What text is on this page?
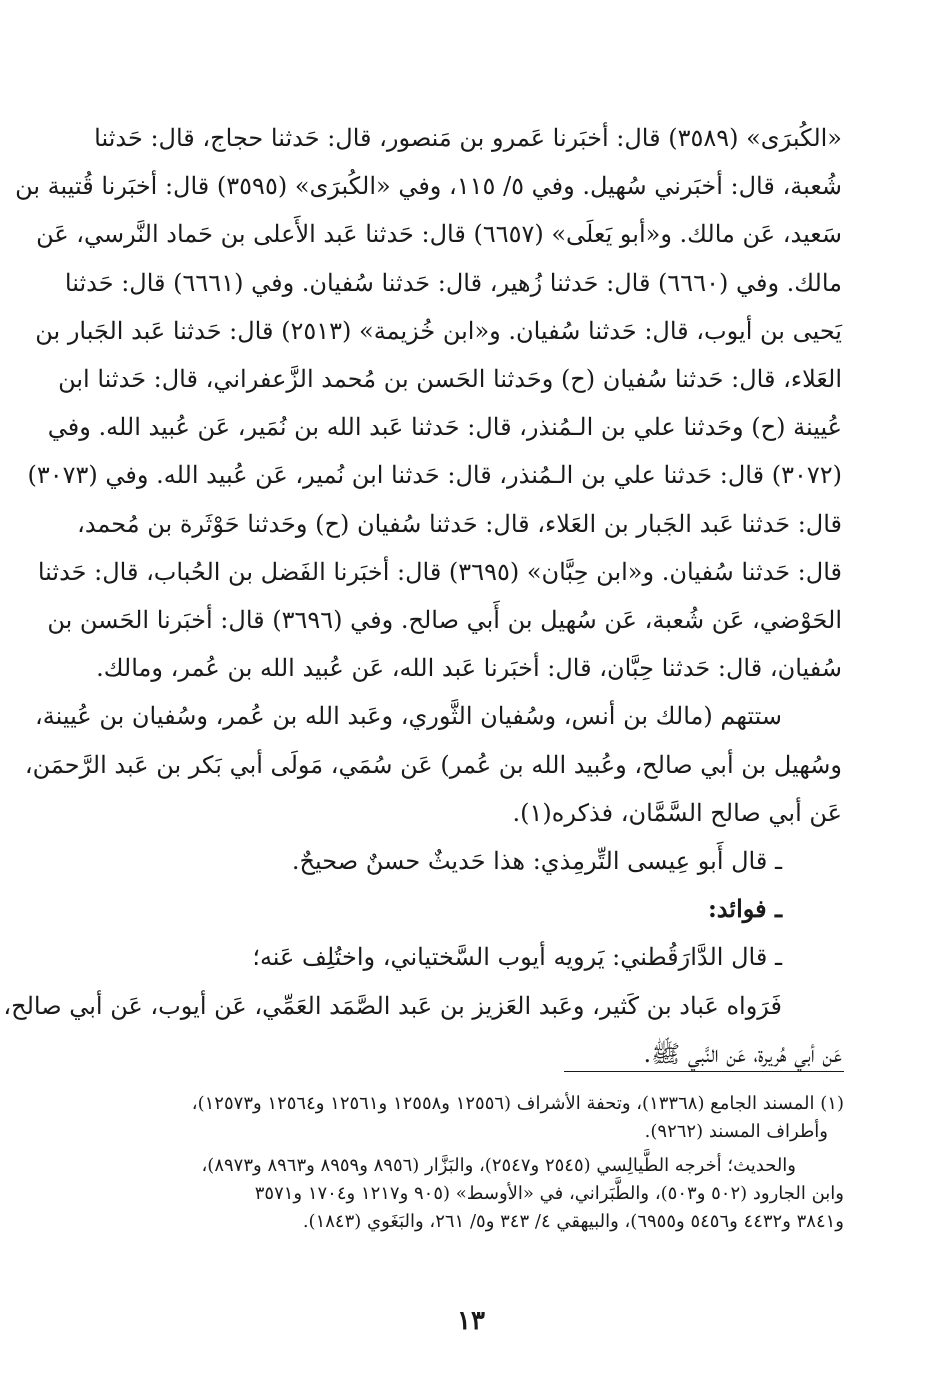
«الكُبرَى» (٣٥٨٩) قال: أخبَرنا عَمرو بن مَنصور، قال: حَدثنا حجاج، قال: حَدثنا

شُعبة، قال: أخبَرني سُهيل. وفي ٥/ ١١٥، وفي «الكُبرَى» (٣٥٩٥) قال: أخبَرنا قُتيبة بن

سَعيد، عَن مالك. و«أبو يَعلَى» (٦٦٥٧) قال: حَدثنا عَبد الأَعلى بن حَماد النَّرسي، عَن

مالك. وفي (٦٦٦٠) قال: حَدثنا زُهير، قال: حَدثنا سُفيان. وفي (٦٦٦١) قال: حَدثنا

يَحيى بن أيوب، قال: حَدثنا سُفيان. و«ابن خُزيمة» (٢٥١٣) قال: حَدثنا عَبد الجَبار بن

العَلاء، قال: حَدثنا سُفيان (ح) وحَدثنا الحَسن بن مُحمد الزَّعفراني، قال: حَدثنا ابن

عُيينة (ح) وحَدثنا علي بن الـمُنذر، قال: حَدثنا عَبد الله بن نُمَير، عَن عُبيد الله. وفي

(٣٠٧٢) قال: حَدثنا علي بن الـمُنذر، قال: حَدثنا ابن نُمير، عَن عُبيد الله. وفي (٣٠٧٣)

قال: حَدثنا عَبد الجَبار بن العَلاء، قال: حَدثنا سُفيان (ح) وحَدثنا حَوْثَرة بن مُحمد،

قال: حَدثنا سُفيان. و«ابن حِبَّان» (٣٦٩٥) قال: أخبَرنا الفَضل بن الحُباب، قال: حَدثنا

الحَوْضي، عَن شُعبة، عَن سُهيل بن أَبي صالح. وفي (٣٦٩٦) قال: أخبَرنا الحَسن بن

سُفيان، قال: حَدثنا حِبَّان، قال: أخبَرنا عَبد الله، عَن عُبيد الله بن عُمر، ومالك.

ستتهم (مالك بن أنس، وسُفيان الثَّوري، وعَبد الله بن عُمر، وسُفيان بن عُيينة،

وسُهيل بن أبي صالح، وعُبيد الله بن عُمر) عَن سُمَي، مَولَى أبي بَكر بن عَبد الرَّحمَن،

عَن أبي صالح السَّمَّان، فذكره(١).

ـ قال أَبو عِيسى التِّرمِذي: هذا حَديثٌ حسنٌ صحيحٌ.

ـ فوائد:

ـ قال الدَّارَقُطني: يَرويه أيوب السَّختياني، واختُلِف عَنه؛

فَرَواه عَباد بن كَثير، وعَبد العَزيز بن عَبد الصَّمَد العَمِّي، عَن أيوب، عَن أبي صالح،

عَن أبي هُريرة، عَن النَّبي ﷺ.

(١) المسند الجامع (١٣٣٦٨)، وتحفة الأشراف (١٢٥٥٦ و١٢٥٥٨ و١٢٥٦١ و١٢٥٦٤ و١٢٥٧٣)،

وأطراف المسند (٩٢٦٢).

والحديث؛ أخرجه الطَّيالِسي (٢٥٤٥ و٢٥٤٧)، والبَزَّار (٨٩٥٦ و٨٩٥٩ و٨٩٦٣ و٨٩٧٣)،

وابن الجارود (٥٠٢ و٥٠٣)، والطَّبَراني، في «الأوسط» (٩٠٥ و١٢١٧ و١٧٠٤ و٣٥٧١

و٣٨٤١ و٤٤٣٢ و٥٤٥٦ و٦٩٥٥)، والبيهقي ٤/ ٣٤٣ و٥/ ٢٦١، والبَغَوي (١٨٤٣).

١٣
